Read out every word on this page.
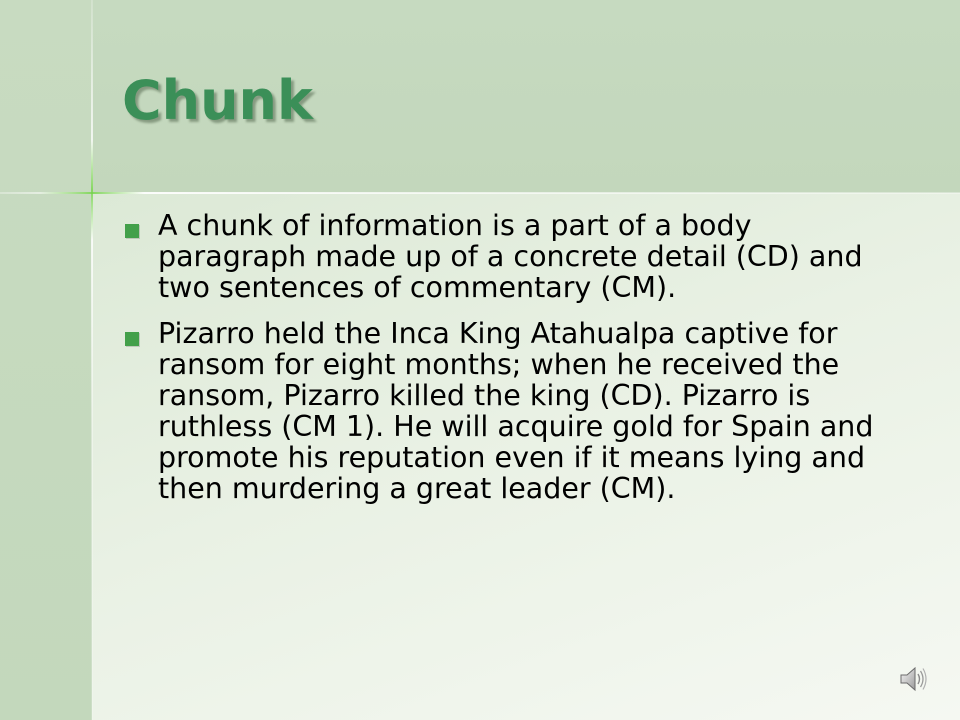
Chunk
A chunk of information is a part of a body paragraph made up of a concrete detail (CD) and two sentences of commentary (CM).
Pizarro held the Inca King Atahualpa captive for ransom for eight months; when he received the ransom, Pizarro killed the king (CD). Pizarro is ruthless (CM 1). He will acquire gold for Spain and promote his reputation even if it means lying and then murdering a great leader (CM).
